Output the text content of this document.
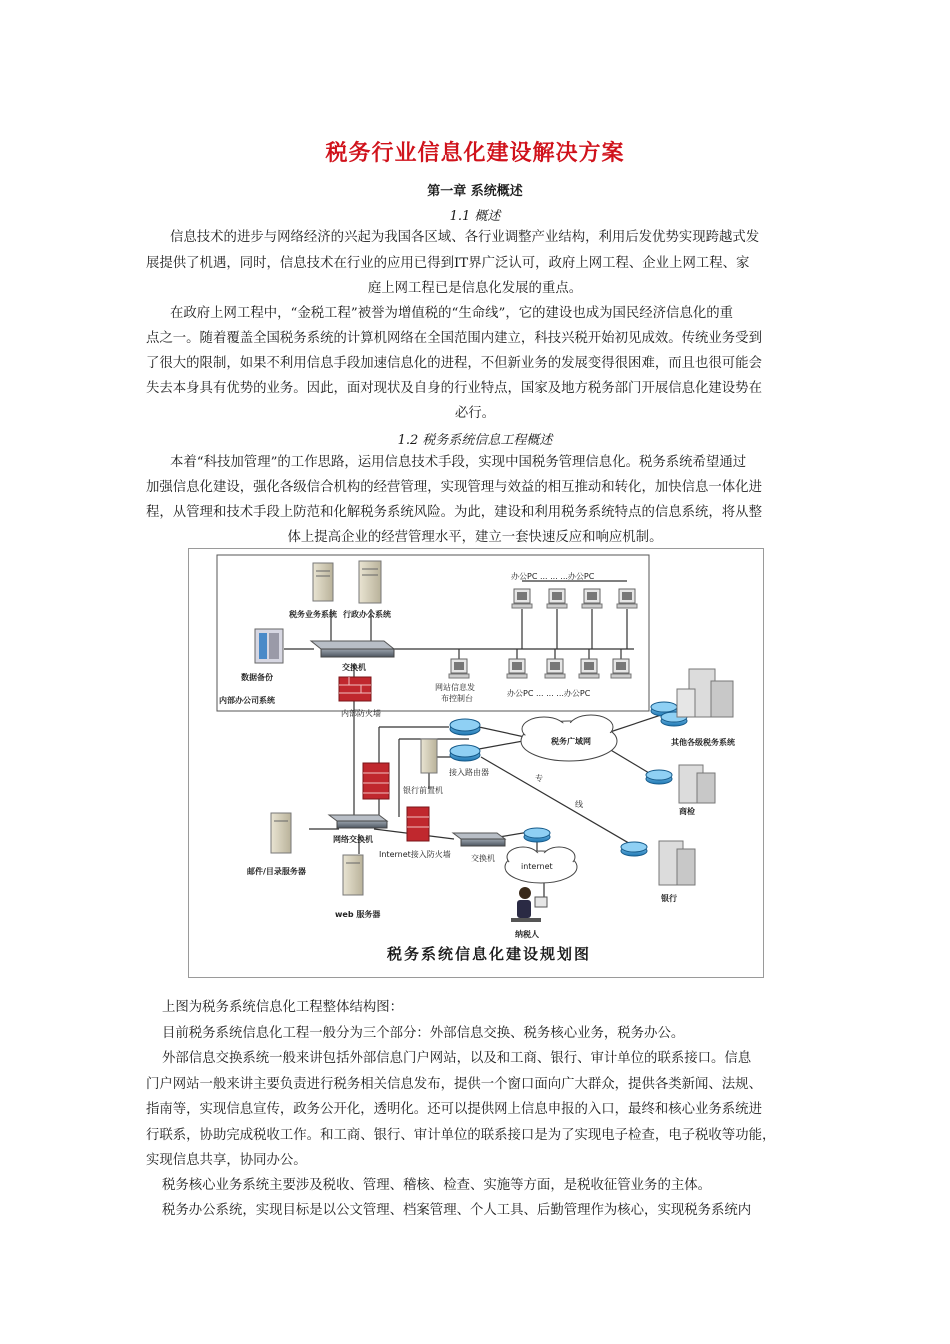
税务行业信息化建设解决方案
第一章 系统概述
1.1 概述
信息技术的进步与网络经济的兴起为我国各区域、各行业调整产业结构，利用后发优势实现跨越式发
展提供了机遇，同时，信息技术在行业的应用已得到IT界广泛认可，政府上网工程、企业上网工程、家
庭上网工程已是信息化发展的重点。
在政府上网工程中，“金税工程”被誉为增值税的“生命线”，它的建设也成为国民经济信息化的重
点之一。随着覆盖全国税务系统的计算机网络在全国范围内建立，科技兴税开始初见成效。传统业务受到
了很大的限制，如果不利用信息手段加速信息化的进程，不但新业务的发展变得很困难，而且也很可能会
失去本身具有优势的业务。因此，面对现状及自身的行业特点，国家及地方税务部门开展信息化建设势在
必行。
1.2 税务系统信息工程概述
本着“科技加管理”的工作思路，运用信息技术手段，实现中国税务管理信息化。税务系统希望通过
加强信息化建设，强化各级信合机构的经营管理，实现管理与效益的相互推动和转化，加快信息一体化进
程，从管理和技术手段上防范和化解税务系统风险。为此，建设和利用税务系统特点的信息系统，将从整
体上提高企业的经营管理水平，建立一套快速反应和响应机制。
税务业务系统 行政办公系统
数据备份
交换机
内部防火墙
内部办公司系统
办公PC ... ... ...办公PC
网站信息发
布控制台
办公PC ... ... ...办公PC
税务广域网
接入路由器
其他各级税务系统
商检
银行
银行前置机
专
线
Internet接入防火墙
网络交换机
交换机
internet
邮件/目录服务器
web 服务器
纳税人
税务系统信息化建设规划图
上图为税务系统信息化工程整体结构图：
目前税务系统信息化工程一般分为三个部分：外部信息交换、税务核心业务，税务办公。
外部信息交换系统一般来讲包括外部信息门户网站，以及和工商、银行、审计单位的联系接口。信息
门户网站一般来讲主要负责进行税务相关信息发布，提供一个窗口面向广大群众，提供各类新闻、法规、
指南等，实现信息宣传，政务公开化，透明化。还可以提供网上信息申报的入口，最终和核心业务系统进
行联系，协助完成税收工作。和工商、银行、审计单位的联系接口是为了实现电子检查，电子税收等功能，
实现信息共享，协同办公。
税务核心业务系统主要涉及税收、管理、稽核、检查、实施等方面，是税收征管业务的主体。
税务办公系统，实现目标是以公文管理、档案管理、个人工具、后勤管理作为核心，实现税务系统内
